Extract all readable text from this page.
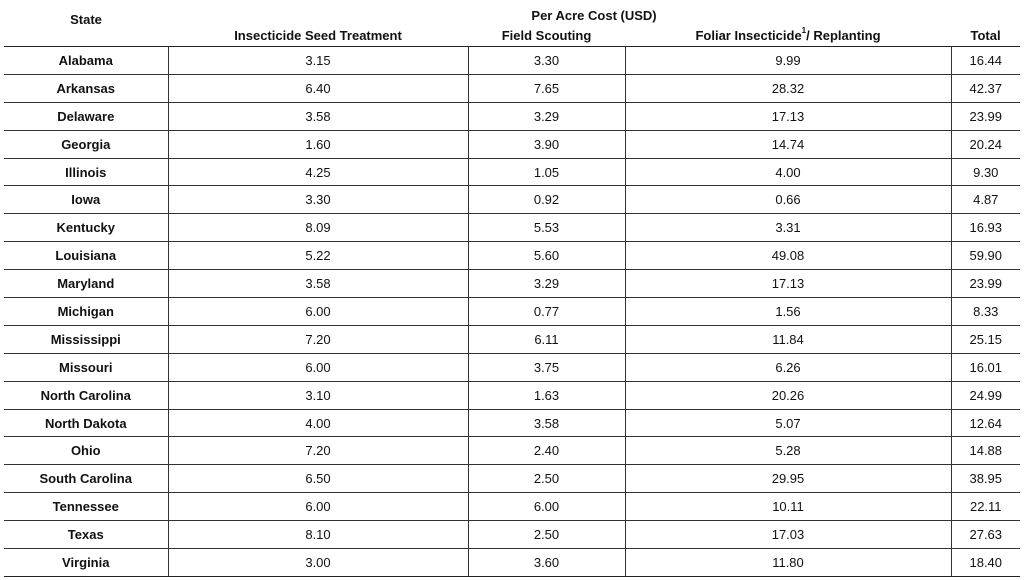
State	Per Acre Cost (USD)			
	Insecticide Seed Treatment	Field Scouting	Foliar Insecticide$^1$/ Replanting	Total
Alabama	3.15	3.30	9.99	16.44
Arkansas	6.40	7.65	28.32	42.37
Delaware	3.58	3.29	17.13	23.99
Georgia	1.60	3.90	14.74	20.24
Illinois	4.25	1.05	4.00	9.30
Iowa	3.30	0.92	0.66	4.87
Kentucky	8.09	5.53	3.31	16.93
Louisiana	5.22	5.60	49.08	59.90
Maryland	3.58	3.29	17.13	23.99
Michigan	6.00	0.77	1.56	8.33
Mississippi	7.20	6.11	11.84	25.15
Missouri	6.00	3.75	6.26	16.01
North Carolina	3.10	1.63	20.26	24.99
North Dakota	4.00	3.58	5.07	12.64
Ohio	7.20	2.40	5.28	14.88
South Carolina	6.50	2.50	29.95	38.95
Tennessee	6.00	6.00	10.11	22.11
Texas	8.10	2.50	17.03	27.63
Virginia	3.00	3.60	11.80	18.40
